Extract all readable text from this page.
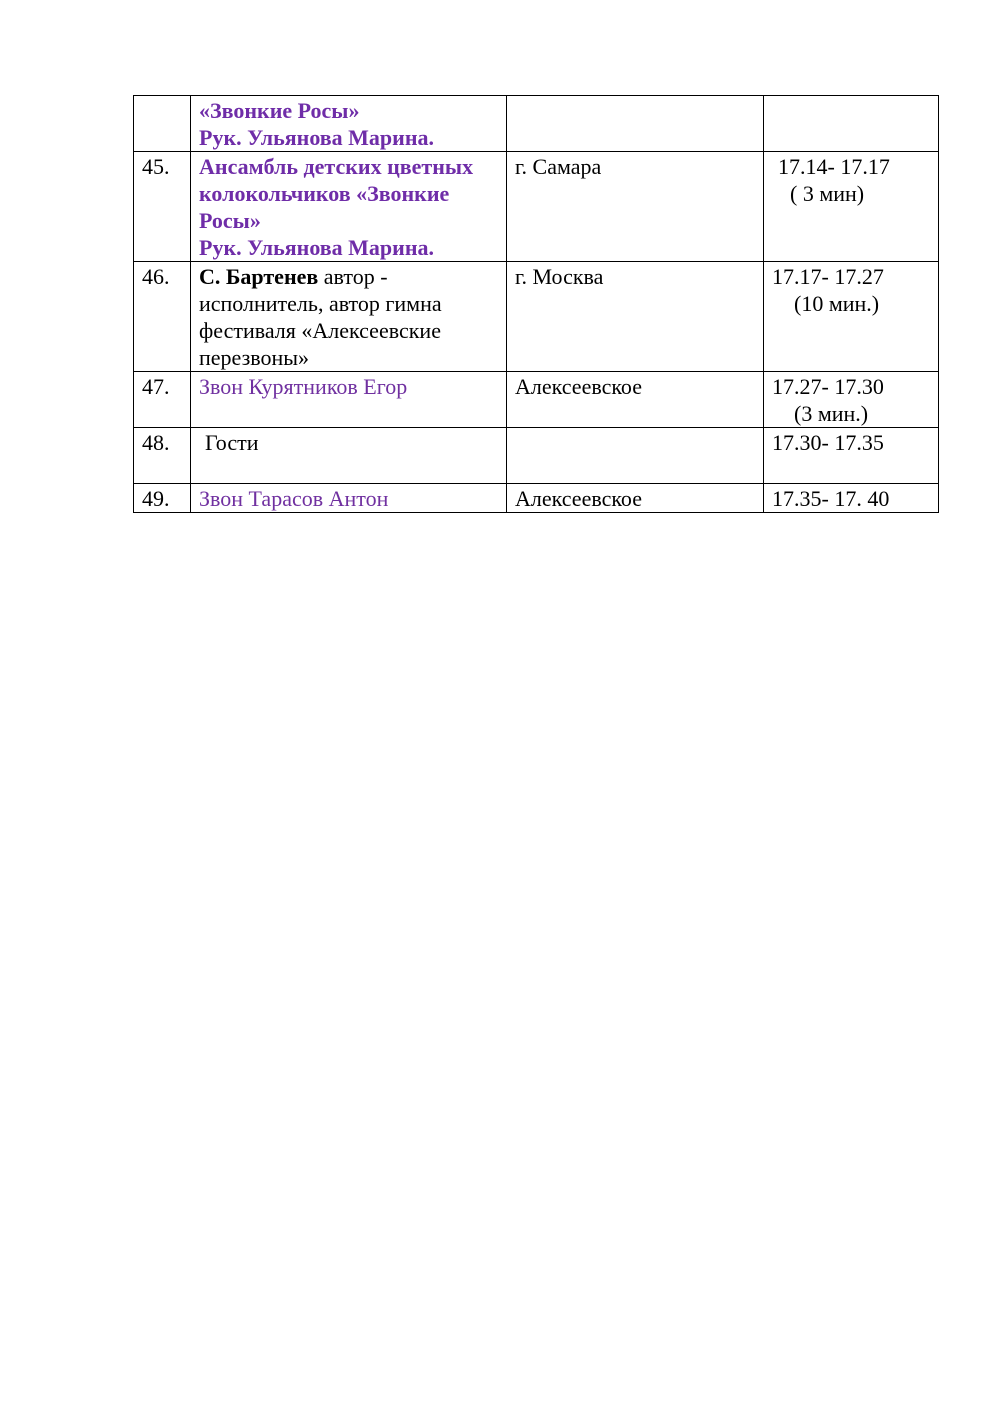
	«Звонкие Росы»
Рук. Ульянова Марина.		

45.	Ансамбль детских цветных
колокольчиков «Звонкие
Росы»
Рук. Ульянова Марина.	г. Самара	17.14- 17.17
( 3 мин)

46.	С. Бартенев автор -
исполнитель, автор гимна
фестиваля «Алексеевские
перезвоны»	г. Москва	17.17- 17.27
(10 мин.)

47.	Звон Курятников Егор	Алексеевское	17.27- 17.30
(3 мин.)

48.	Гости		17.30- 17.35

49.	Звон Тарасов Антон	Алексеевское	17.35- 17. 40
